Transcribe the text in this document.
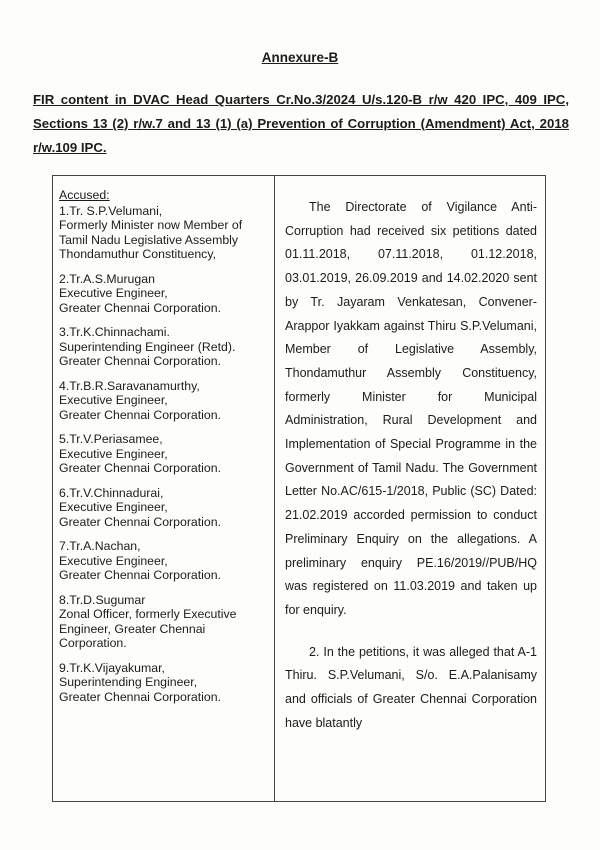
Annexure-B
FIR content in DVAC Head Quarters Cr.No.3/2024 U/s.120-B r/w 420 IPC, 409 IPC, Sections 13 (2) r/w.7 and 13 (1) (a) Prevention of Corruption (Amendment) Act, 2018 r/w.109 IPC.
Accused:
1.Tr. S.P.Velumani,
Formerly Minister now Member of
Tamil Nadu Legislative Assembly
Thondamuthur Constituency,
2.Tr.A.S.Murugan
Executive Engineer,
Greater Chennai Corporation.
3.Tr.K.Chinnachami.
Superintending Engineer (Retd).
Greater Chennai Corporation.
4.Tr.B.R.Saravanamurthy,
Executive Engineer,
Greater Chennai Corporation.
5.Tr.V.Periasamee,
Executive Engineer,
Greater Chennai Corporation.
6.Tr.V.Chinnadurai,
Executive Engineer,
Greater Chennai Corporation.
7.Tr.A.Nachan,
Executive Engineer,
Greater Chennai Corporation.
8.Tr.D.Sugumar
Zonal Officer, formerly Executive
Engineer, Greater Chennai
Corporation.
9.Tr.K.Vijayakumar,
Superintending Engineer,
Greater Chennai Corporation.

The Directorate of Vigilance Anti-Corruption had received six petitions dated 01.11.2018, 07.11.2018, 01.12.2018, 03.01.2019, 26.09.2019 and 14.02.2020 sent by Tr. Jayaram Venkatesan, Convener- Arappor Iyakkam against Thiru S.P.Velumani, Member of Legislative Assembly, Thondamuthur Assembly Constituency, formerly Minister for Municipal Administration, Rural Development and Implementation of Special Programme in the Government of Tamil Nadu. The Government Letter No.AC/615-1/2018, Public (SC) Dated: 21.02.2019 accorded permission to conduct Preliminary Enquiry on the allegations. A preliminary enquiry PE.16/2019//PUB/HQ was registered on 11.03.2019 and taken up for enquiry.

2. In the petitions, it was alleged that A-1 Thiru. S.P.Velumani, S/o. E.A.Palanisamy and officials of Greater Chennai Corporation have blatantly
